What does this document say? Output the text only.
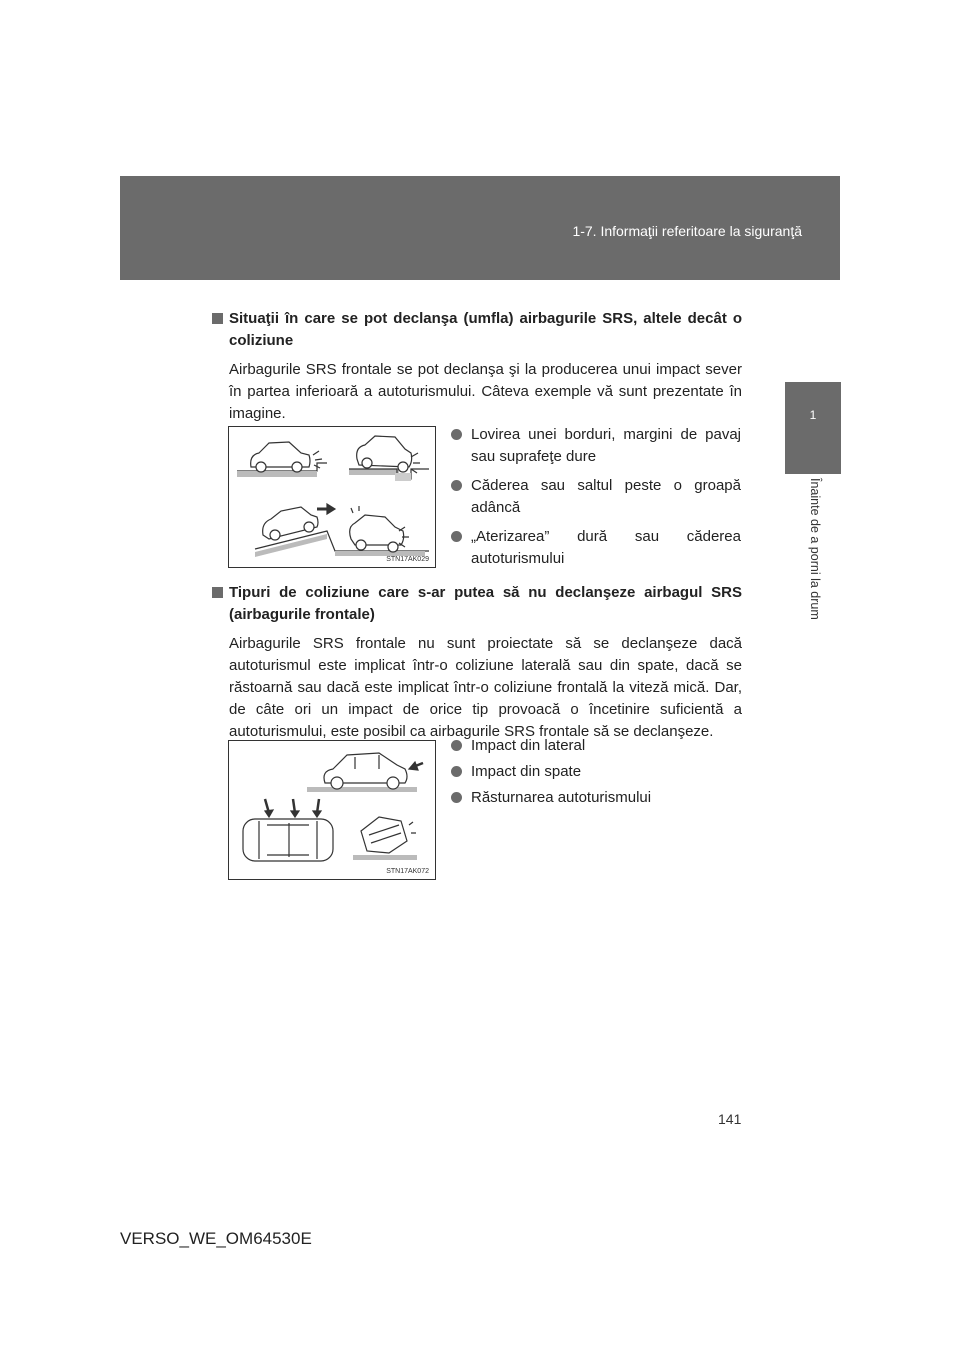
1-7. Informaţii referitoare la siguranţă
1
Înainte de a porni la drum
Situaţii în care se pot declanşa (umfla) airbagurile SRS, altele decât o coliziune
Airbagurile SRS frontale se pot declanşa şi la producerea unui impact sever în partea inferioară a autoturismului. Câteva exemple vă sunt prezentate în imagine.
STN17AK029
Lovirea unei borduri, margini de pavaj sau suprafeţe dure
Căderea sau saltul peste o groapă adâncă
„Aterizarea” dură sau căderea autoturismului
Tipuri de coliziune care s-ar putea să nu declanşeze airbagul SRS (airbagurile frontale)
Airbagurile SRS frontale nu sunt proiectate să se declanşeze dacă autoturismul este implicat într-o coliziune laterală sau din spate, dacă se răstoarnă sau dacă este implicat într-o coliziune frontală la viteză mică. Dar, de câte ori un impact de orice tip provoacă o încetinire suficientă a autoturismului, este posibil ca airbagurile SRS frontale să se declanşeze.
STN17AK072
Impact din lateral
Impact din spate
Răsturnarea autoturismului
141
VERSO_WE_OM64530E
